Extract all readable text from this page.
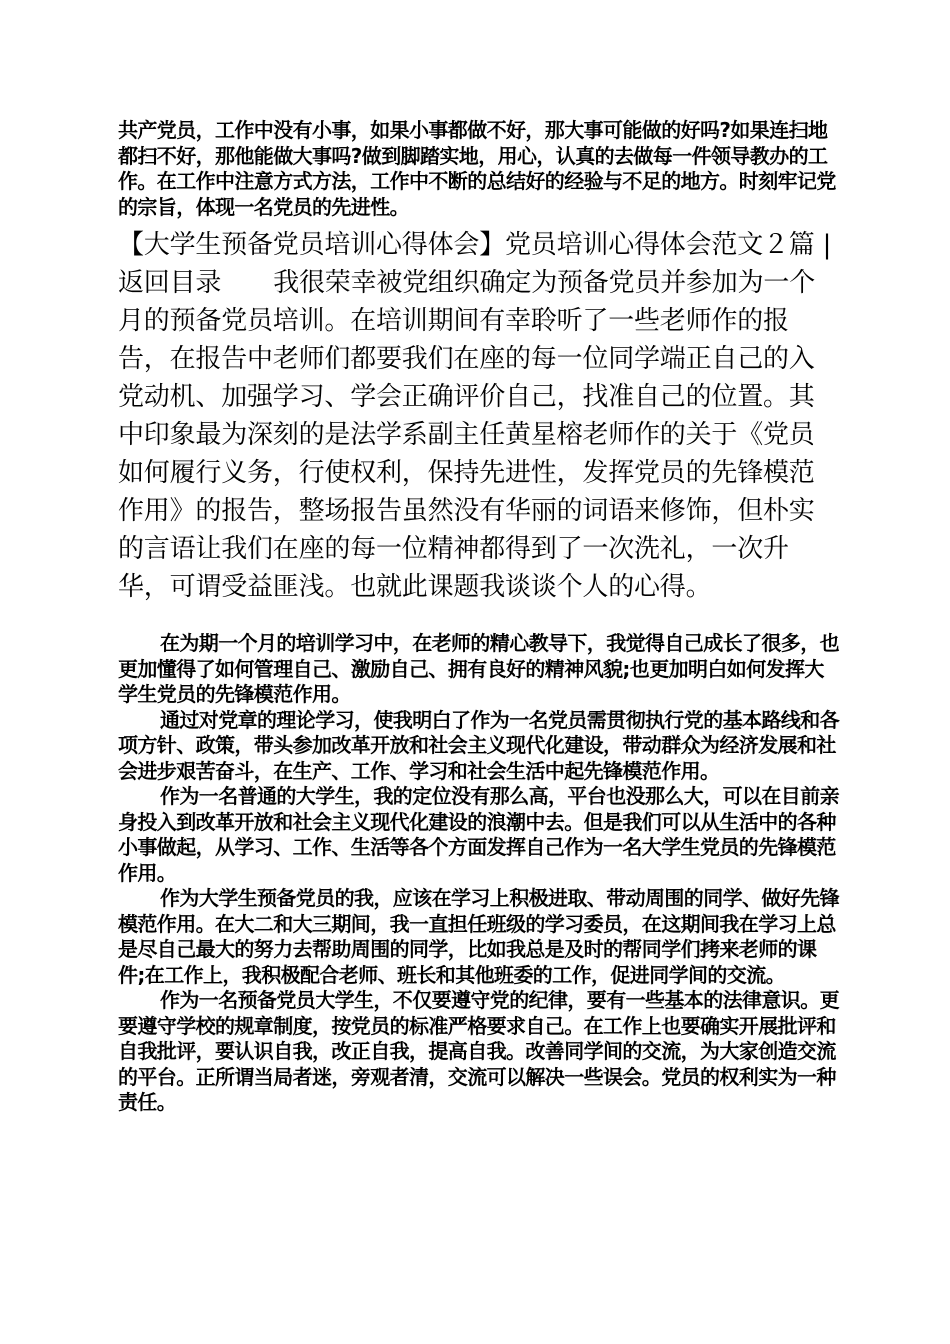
共产党员，工作中没有小事，如果小事都做不好，那大事可能做的好吗?如果连扫地都扫不好，那他能做大事吗?做到脚踏实地，用心，认真的去做每一件领导教办的工作。在工作中注意方式方法，工作中不断的总结好的经验与不足的地方。时刻牢记党的宗旨，体现一名党员的先进性。

【大学生预备党员培训心得体会】党员培训心得体会范文２篇 | 返回目录 我很荣幸被党组织确定为预备党员并参加为一个月的预备党员培训。在培训期间有幸聆听了一些老师作的报告，在报告中老师们都要我们在座的每一位同学端正自己的入党动机、加强学习、学会正确评价自己，找准自己的位置。其中印象最为深刻的是法学系副主任黄星榕老师作的关于《党员如何履行义务，行使权利，保持先进性，发挥党员的先锋模范作用》的报告，整场报告虽然没有华丽的词语来修饰，但朴实的言语让我们在座的每一位精神都得到了一次洗礼，一次升华，可谓受益匪浅。也就此课题我谈谈个人的心得。

在为期一个月的培训学习中，在老师的精心教导下，我觉得自己成长了很多，也更加懂得了如何管理自己、激励自己、拥有良好的精神风貌;也更加明白如何发挥大学生党员的先锋模范作用。

通过对党章的理论学习，使我明白了作为一名党员需贯彻执行党的基本路线和各项方针、政策，带头参加改革开放和社会主义现代化建设，带动群众为经济发展和社会进步艰苦奋斗，在生产、工作、学习和社会生活中起先锋模范作用。

作为一名普通的大学生，我的定位没有那么高，平台也没那么大，可以在目前亲身投入到改革开放和社会主义现代化建设的浪潮中去。但是我们可以从生活中的各种小事做起，从学习、工作、生活等各个方面发挥自己作为一名大学生党员的先锋模范作用。

作为大学生预备党员的我，应该在学习上积极进取、带动周围的同学、做好先锋模范作用。在大二和大三期间，我一直担任班级的学习委员，在这期间我在学习上总是尽自己最大的努力去帮助周围的同学，比如我总是及时的帮同学们拷来老师的课件;在工作上，我积极配合老师、班长和其他班委的工作，促进同学间的交流。

作为一名预备党员大学生，不仅要遵守党的纪律，要有一些基本的法律意识。更要遵守学校的规章制度，按党员的标准严格要求自己。在工作上也要确实开展批评和自我批评，要认识自我，改正自我，提高自我。改善同学间的交流，为大家创造交流的平台。正所谓当局者迷，旁观者清，交流可以解决一些误会。党员的权利实为一种责任。
